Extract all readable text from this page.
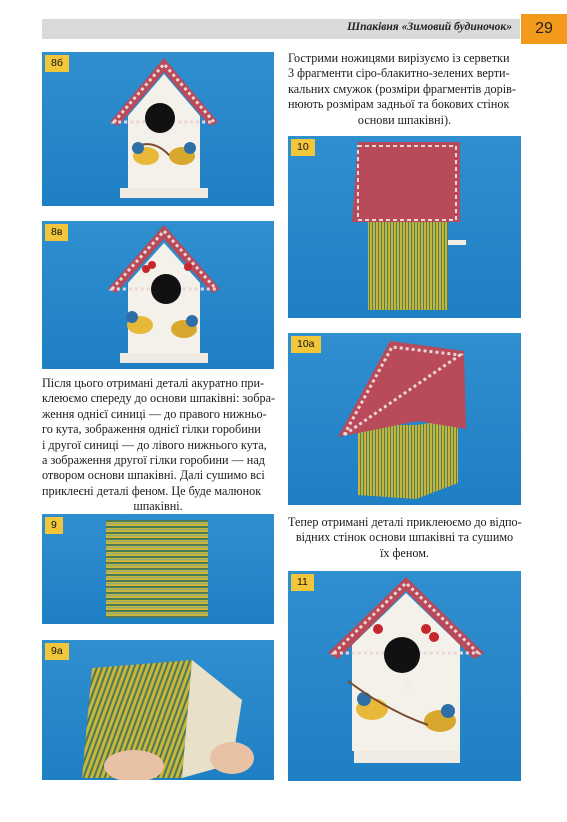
Шпаківня «Зимовий будиночок»	29
8б
8в
Після цього отримані деталі акуратно при-
клеюємо спереду до основи шпаківні: зобра-
ження однієї синиці — до правого нижньо-
го кута, зображення однієї гілки горобини
і другої синиці — до лівого нижнього кута,
а зображення другої гілки горобини — над
отвором основи шпаківні. Далі сушимо всі
приклеєні деталі феном. Це буде малюнок
шпаківні.
9
9а
Гострими ножицями вирізуємо із серветки
3 фрагменти сіро-блакитно-зелених верти-
кальних смужок (розміри фрагментів дорів-
нюють розмірам задньої та бокових стінок
основи шпаківні).
10
10а
Тепер отримані деталі приклеюємо до відпо-
відних стінок основи шпаківні та сушимо
їх феном.
11
